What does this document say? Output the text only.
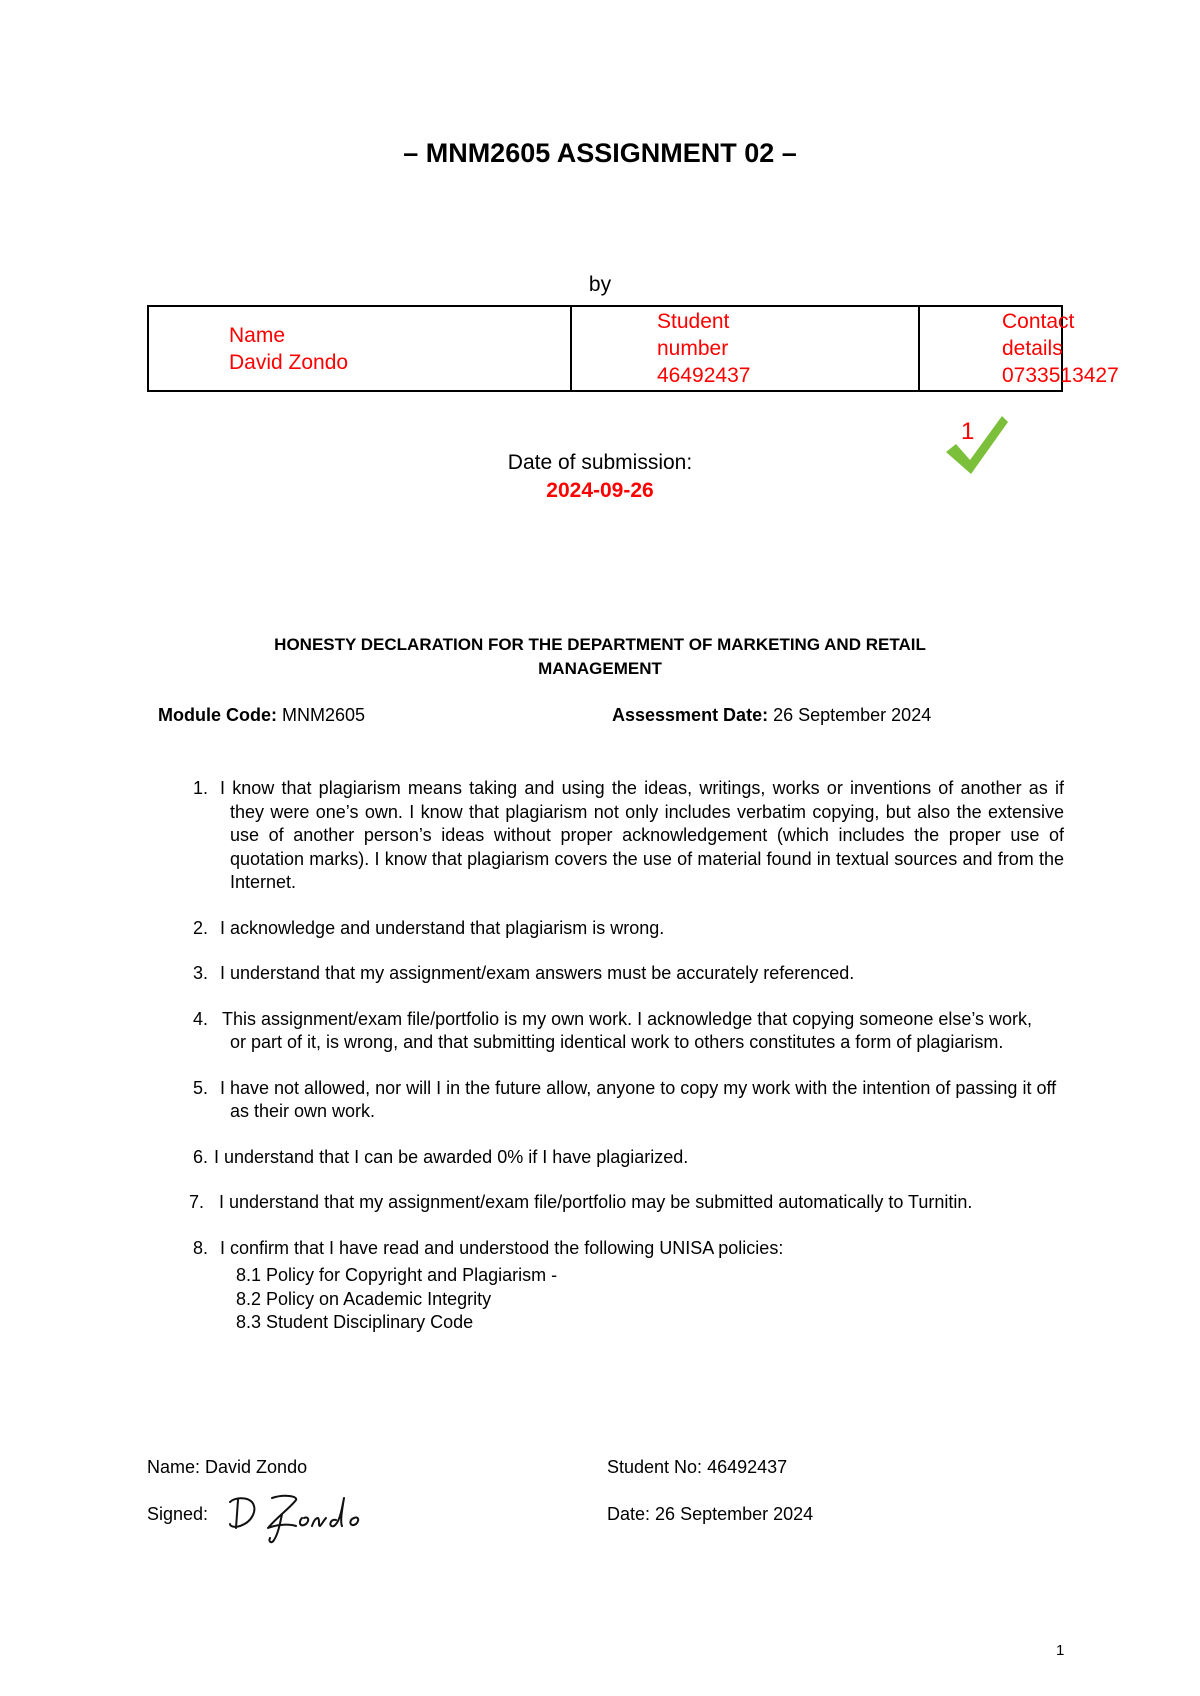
– MNM2605 ASSIGNMENT 02 –
by
Name
David Zondo

Student
number
46492437

Contact details
0733513427
1
Date of submission:
2024-09-26
HONESTY DECLARATION FOR THE DEPARTMENT OF MARKETING AND RETAIL
MANAGEMENT
Module Code: MNM2605	Assessment Date: 26 September 2024
1. I know that plagiarism means taking and using the ideas, writings, works or inventions of another as if they were one’s own. I know that plagiarism not only includes verbatim copying, but also the extensive use of another person’s ideas without proper acknowledgement (which includes the proper use of quotation marks). I know that plagiarism covers the use of material found in textual sources and from the Internet.
2. I acknowledge and understand that plagiarism is wrong.
3. I understand that my assignment/exam answers must be accurately referenced.
4. This assignment/exam file/portfolio is my own work. I acknowledge that copying someone else’s work, or part of it, is wrong, and that submitting identical work to others constitutes a form of plagiarism.
5. I have not allowed, nor will I in the future allow, anyone to copy my work with the intention of passing it off as their own work.
6. I understand that I can be awarded 0% if I have plagiarized.
7. I understand that my assignment/exam file/portfolio may be submitted automatically to Turnitin.
8. I confirm that I have read and understood the following UNISA policies:
8.1 Policy for Copyright and Plagiarism -
8.2 Policy on Academic Integrity
8.3 Student Disciplinary Code
Name: David Zondo	Student No: 46492437
Signed:	Date: 26 September 2024
1
